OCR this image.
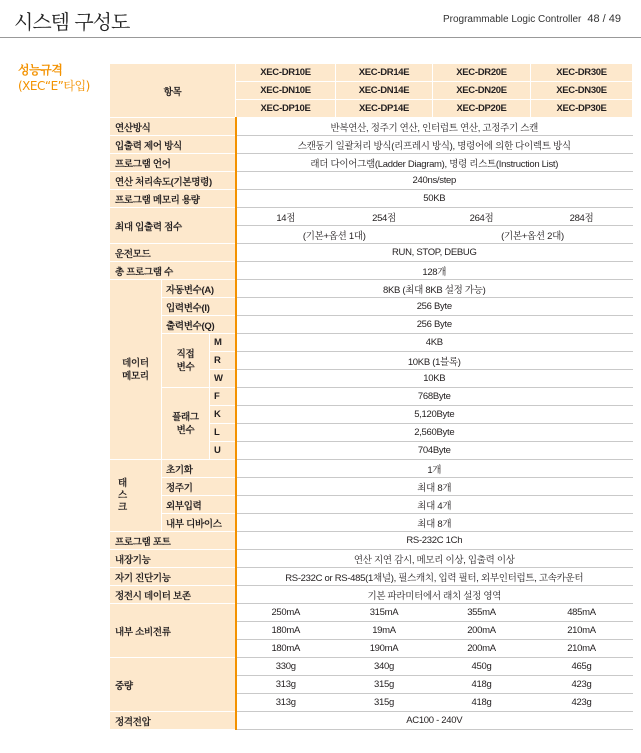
시스템 구성도	Programmable Logic Controller 48 / 49
성능규격
(XEC“E”타입)	항목			XEC-DR10E	XEC-DR14E	XEC-DR20E	XEC-DR30E
			XEC-DN10E	XEC-DN14E	XEC-DN20E	XEC-DN30E
			XEC-DP10E	XEC-DP14E	XEC-DP20E	XEC-DP30E
연산방식			반복연산, 정주기 연산, 인터럽트 연산, 고정주기 스캔			
입출력 제어 방식			스캔동기 일괄처리 방식(리프레시 방식), 명령어에 의한 다이렉트 방식			
프로그램 언어			래더 다이어그램(Ladder Diagram), 명령 리스트(Instruction List)			
연산 처리속도(기본명령)			240ns/step			
프로그램 메모리 용량			50KB			
최대 입출력 점수			14점	254점	264점	284점
			(기본+옵션 1대)		(기본+옵션 2대)	
운전모드			RUN, STOP, DEBUG			
총 프로그램 수			128개			
데이터
메모리	자동변수(A)		8KB (최대 8KB 설정 가능)			
	입력변수(I)		256 Byte			
	출력변수(Q)		256 Byte			
	직접
변수	M	4KB			
		R	10KB (1블록)			
		W	10KB			
	플래그
변수	F	768Byte			
		K	5,120Byte			
		L	2,560Byte			
		U	704Byte			
태
스
크	초기화		1개			
	정주기		최대 8개			
	외부입력		최대 4개			
	내부 디바이스		최대 8개			
프로그램 포트			RS-232C 1Ch			
내장기능			연산 지연 감시, 메모리 이상, 입출력 이상			
자기 진단기능			RS-232C or RS-485(1채널), 필스캐치, 입력 필터, 외부인터럽트, 고속카운터			
정전시 데이터 보존			기본 파라미터에서 래치 설정 영역			
내부 소비전류			250mA	315mA	355mA	485mA
			180mA	19mA	200mA	210mA
			180mA	190mA	200mA	210mA
중량			330g	340g	450g	465g
			313g	315g	418g	423g
			313g	315g	418g	423g
정격전압			AC100 - 240V			
